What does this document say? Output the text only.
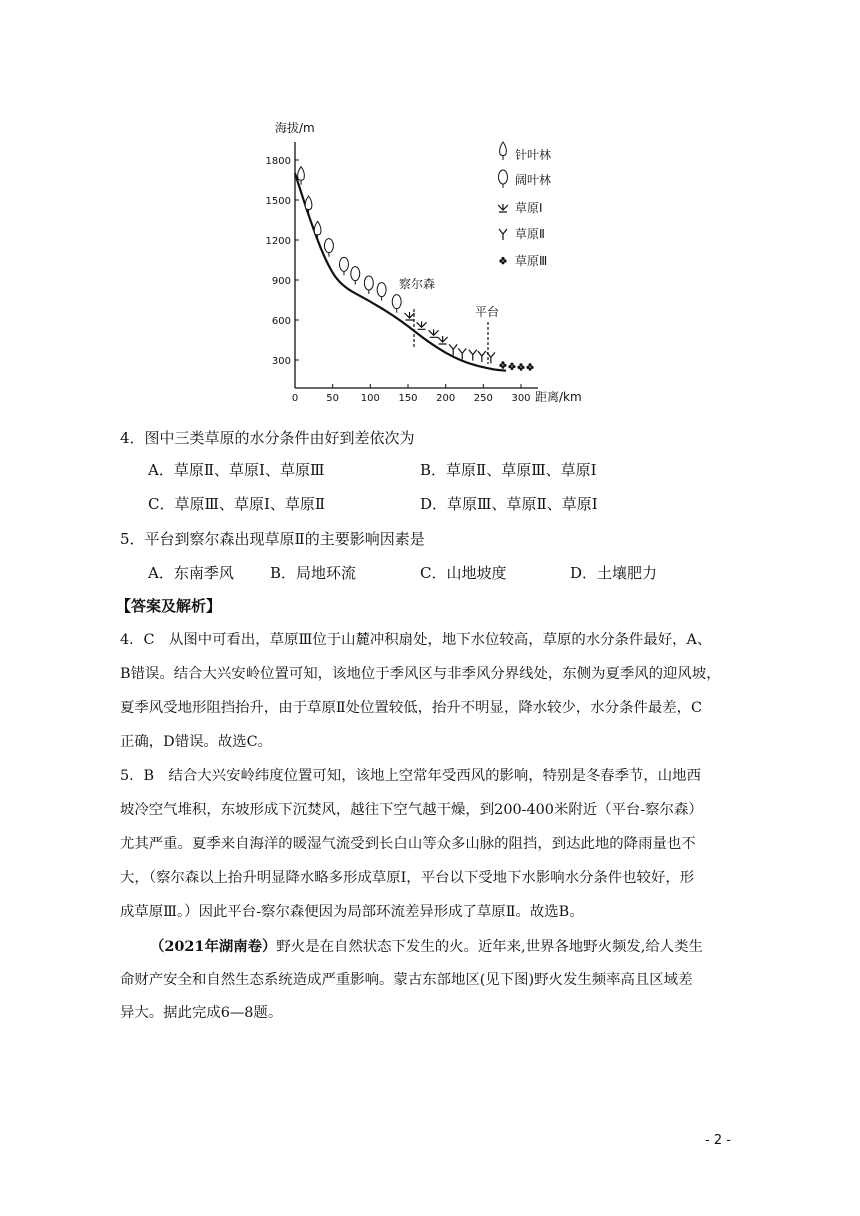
1800
1500
1200
900
600
300
0	50 100 150 200 250 300
海拔/m
距离/km
察尔森
平台
针叶林
阔叶林
草原Ⅰ
草原Ⅱ
草原Ⅲ
4．图中三类草原的水分条件由好到差依次为
A．草原Ⅱ、草原Ⅰ、草原Ⅲ	B．草原Ⅱ、草原Ⅲ、草原Ⅰ
C．草原Ⅲ、草原Ⅰ、草原Ⅱ	D．草原Ⅲ、草原Ⅱ、草原Ⅰ
5．平台到察尔森出现草原Ⅱ的主要影响因素是
A．东南季风 B．局地环流	C．山地坡度	D．土壤肥力
【答案及解析】
4．C　从图中可看出，草原Ⅲ位于山麓冲积扇处，地下水位较高，草原的水分条件最好，A、
B错误。结合大兴安岭位置可知，该地位于季风区与非季风分界线处，东侧为夏季风的迎风坡，
夏季风受地形阻挡抬升，由于草原Ⅱ处位置较低，抬升不明显，降水较少，水分条件最差，C
正确，D错误。故选C。
5．B　结合大兴安岭纬度位置可知，该地上空常年受西风的影响，特别是冬春季节，山地西
坡冷空气堆积，东坡形成下沉焚风，越往下空气越干燥，到200-400米附近（平台-察尔森）
尤其严重。夏季来自海洋的暖湿气流受到长白山等众多山脉的阻挡，到达此地的降雨量也不
大，（察尔森以上抬升明显降水略多形成草原Ⅰ，平台以下受地下水影响水分条件也较好，形
成草原Ⅲ。）因此平台-察尔森便因为局部环流差异形成了草原Ⅱ。故选B。
（2021年湖南卷）野火是在自然状态下发生的火。近年来,世界各地野火频发,给人类生
命财产安全和自然生态系统造成严重影响。蒙古东部地区(见下图)野火发生频率高且区域差
异大。据此完成6—8题。
- 2 -
